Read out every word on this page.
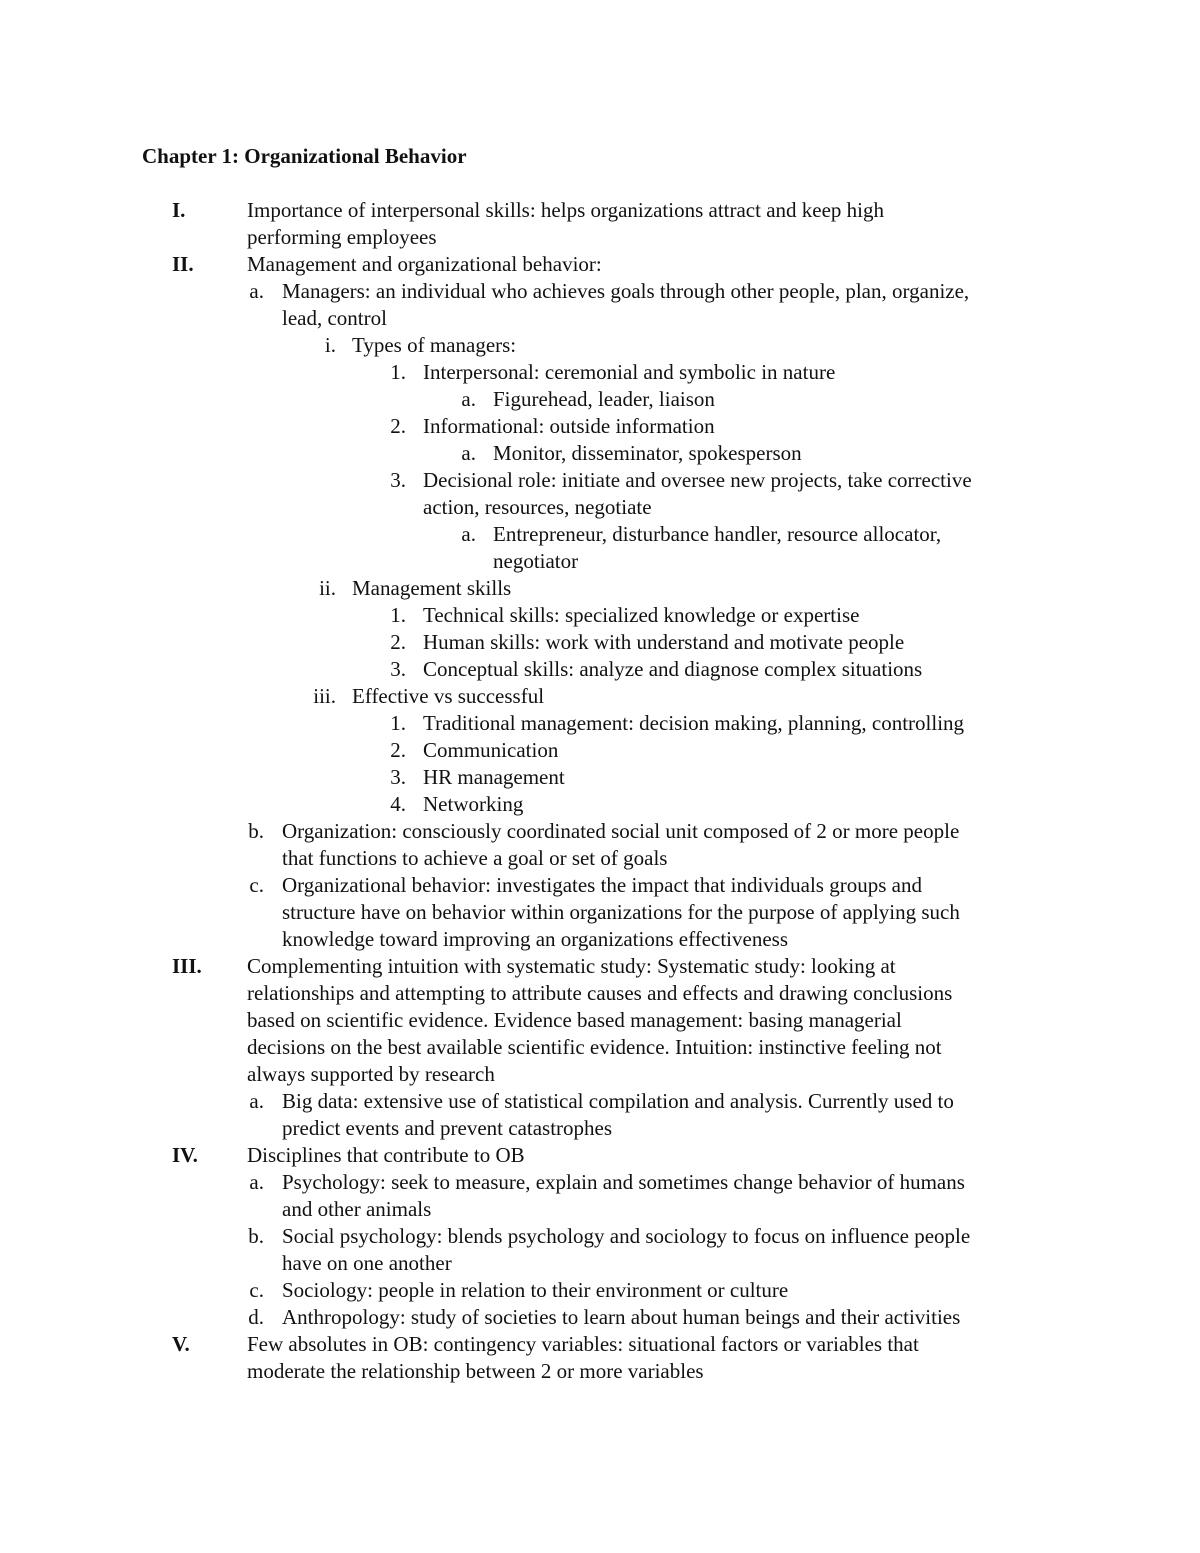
Chapter 1: Organizational Behavior
I.	Importance of interpersonal skills: helps organizations attract and keep high
performing employees
II.	Management and organizational behavior:
a. Managers: an individual who achieves goals through other people, plan, organize,
lead, control
i. Types of managers:
1. Interpersonal: ceremonial and symbolic in nature
a. Figurehead, leader, liaison
2. Informational: outside information
a. Monitor, disseminator, spokesperson
3. Decisional role: initiate and oversee new projects, take corrective
action, resources, negotiate
a. Entrepreneur, disturbance handler, resource allocator,
negotiator
ii. Management skills
1. Technical skills: specialized knowledge or expertise
2. Human skills: work with understand and motivate people
3. Conceptual skills: analyze and diagnose complex situations
iii. Effective vs successful
1. Traditional management: decision making, planning, controlling
2. Communication
3. HR management
4. Networking
b. Organization: consciously coordinated social unit composed of 2 or more people
that functions to achieve a goal or set of goals
c. Organizational behavior: investigates the impact that individuals groups and
structure have on behavior within organizations for the purpose of applying such
knowledge toward improving an organizations effectiveness
III. Complementing intuition with systematic study: Systematic study: looking at
relationships and attempting to attribute causes and effects and drawing conclusions
based on scientific evidence. Evidence based management: basing managerial
decisions on the best available scientific evidence. Intuition: instinctive feeling not
always supported by research
a. Big data: extensive use of statistical compilation and analysis. Currently used to
predict events and prevent catastrophes
IV. Disciplines that contribute to OB
a. Psychology: seek to measure, explain and sometimes change behavior of humans
and other animals
b. Social psychology: blends psychology and sociology to focus on influence people
have on one another
c. Sociology: people in relation to their environment or culture
d. Anthropology: study of societies to learn about human beings and their activities
V.	Few absolutes in OB: contingency variables: situational factors or variables that
moderate the relationship between 2 or more variables
